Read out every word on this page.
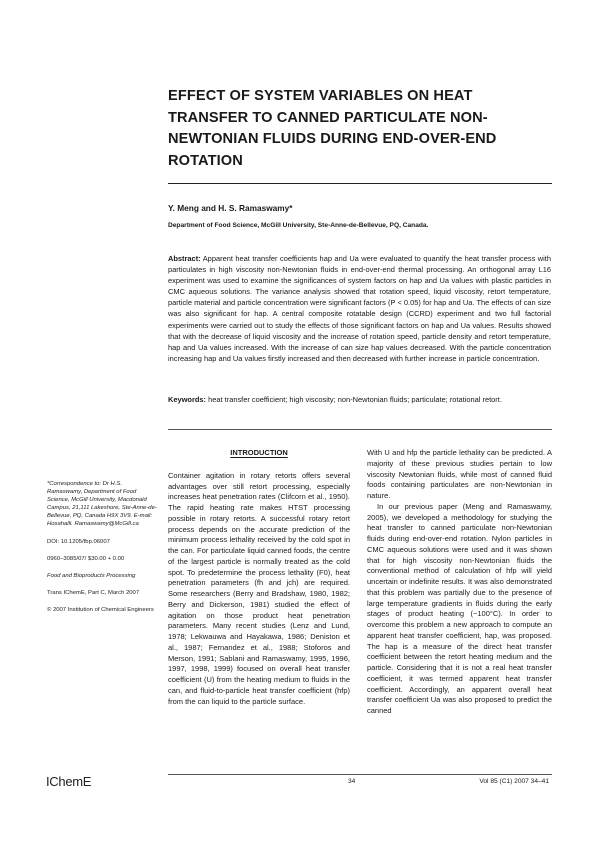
EFFECT OF SYSTEM VARIABLES ON HEAT TRANSFER TO CANNED PARTICULATE NON-NEWTONIAN FLUIDS DURING END-OVER-END ROTATION

Y. Meng and H. S. Ramaswamy*

Department of Food Science, McGill University, Ste-Anne-de-Bellevue, PQ, Canada.

Abstract: Apparent heat transfer coefficients hap and Ua were evaluated to quantify the heat transfer process with particulates in high viscosity non-Newtonian fluids in end-over-end thermal processing. An orthogonal array L16 experiment was used to examine the significances of system factors on hap and Ua values with plastic particles in CMC aqueous solutions. The variance analysis showed that rotation speed, liquid viscosity, retort temperature, particle material and particle concentration were significant factors (P < 0.05) for hap and Ua. The effects of can size was also significant for hap. A central composite rotatable design (CCRD) experiment and two full factorial experiments were carried out to study the effects of those significant factors on hap and Ua values. Results showed that with the decrease of liquid viscosity and the increase of rotation speed, particle density and retort temperature, hap and Ua values increased. With the increase of can size hap values decreased. With the particle concentration increasing hap and Ua values firstly increased and then decreased with further increase in particle concentration.

Keywords: heat transfer coefficient; high viscosity; non-Newtonian fluids; particulate; rotational retort.

INTRODUCTION

Container agitation in rotary retorts offers several advantages over still retort processing, especially increases heat penetration rates (Clifcorn et al., 1950). The rapid heating rate makes HTST processing possible in rotary retorts. A successful rotary retort process depends on the accurate prediction of the minimum process lethality received by the cold spot in the can. For particulate liquid canned foods, the centre of the largest particle is normally treated as the cold spot. To predetermine the process lethality (F0), heat penetration parameters (fh and jch) are required. Some researchers (Berry and Bradshaw, 1980, 1982; Berry and Dickerson, 1981) studied the effect of agitation on those product heat penetration parameters. Many recent studies (Lenz and Lund, 1978; Lekwauwa and Hayakawa, 1986; Deniston et al., 1987; Fernandez et al., 1988; Stoforos and Merson, 1991; Sablani and Ramaswamy, 1995, 1996, 1997, 1998, 1999) focused on overall heat transfer coefficient (U) from the heating medium to fluids in the can, and fluid-to-particle heat transfer coefficient (hfp) from the can liquid to the particle surface.

With U and hfp the particle lethality can be predicted. A majority of these previous studies pertain to low viscosity Newtonian fluids, while most of canned fluid foods containing particulates are non-Newtonian in nature.

In our previous paper (Meng and Ramaswamy, 2005), we developed a methodology for studying the heat transfer to canned particulate non-Newtonian fluids during end-over-end rotation. Nylon particles in CMC aqueous solutions were used and it was shown that for high viscosity non-Newtonian fluids the conventional method of calculation of hfp will yield uncertain or indefinite results. It was also demonstrated that this problem was partially due to the presence of large temperature gradients in fluids during the early stages of product heating (~100°C). In order to overcome this problem a new approach to compute an apparent heat transfer coefficient, hap, was proposed. The hap is a measure of the direct heat transfer coefficient between the retort heating medium and the particle. Considering that it is not a real heat transfer coefficient, it was termed apparent heat transfer coefficient. Accordingly, an apparent overall heat transfer coefficient Ua was also proposed to predict the canned

*Correspondence to: Dr H.S. Ramaswamy, Department of Food Science, McGill University, Macdonald Campus, 21,111 Lakeshore, Ste-Anne-de-Bellevue, PQ, Canada H9X 3V9. E-mail: Hosahalli. Ramaswamy@McGill.ca

DOI: 10.1205/fbp.06007

0960–3085/07/ $30.00 + 0.00

Food and Bioproducts Processing

Trans IChemE, Part C, March 2007

© 2007 Institution of Chemical Engineers

IChemE	34	Vol 85 (C1) 2007 34–41
